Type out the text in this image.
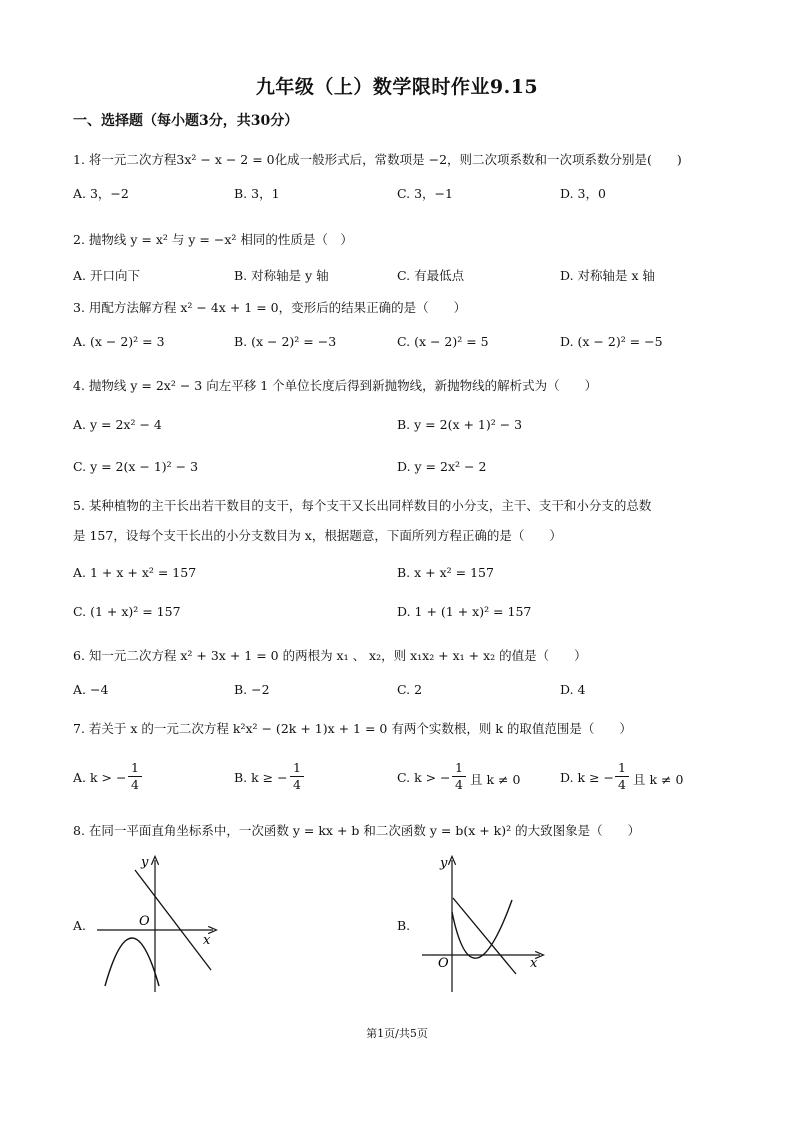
九年级（上）数学限时作业9.15
一、选择题（每小题3分，共30分）
1. 将一元二次方程3x² − x − 2 = 0化成一般形式后，常数项是 −2，则二次项系数和一次项系数分别是(　　)
A. 3，−2	B. 3，1	C. 3，−1	D. 3，0
2. 抛物线 y = x² 与 y = −x² 相同的性质是（　）
A. 开口向下	B. 对称轴是 y 轴	C. 有最低点	D. 对称轴是 x 轴
3. 用配方法解方程 x² − 4x + 1 = 0，变形后的结果正确的是（　　）
A. (x − 2)² = 3	B. (x − 2)² = −3	C. (x − 2)² = 5	D. (x − 2)² = −5
4. 抛物线 y = 2x² − 3 向左平移 1 个单位长度后得到新抛物线，新抛物线的解析式为（　　）
A. y = 2x² − 4	B. y = 2(x + 1)² − 3
C. y = 2(x − 1)² − 3	D. y = 2x² − 2
5. 某种植物的主干长出若干数目的支干，每个支干又长出同样数目的小分支，主干、支干和小分支的总数
是 157，设每个支干长出的小分支数目为 x，根据题意，下面所列方程正确的是（　　）
A. 1 + x + x² = 157	B. x + x² = 157
C. (1 + x)² = 157	D. 1 + (1 + x)² = 157
6. 知一元二次方程 x² + 3x + 1 = 0 的两根为 x₁ 、 x₂，则 x₁x₂ + x₁ + x₂ 的值是（　　）
A. −4	B. −2	C. 2	D. 4
7. 若关于 x 的一元二次方程 k²x² − (2k + 1)x + 1 = 0 有两个实数根，则 k 的取值范围是（　　）
A. k > − $\frac{1}{4}$	B. k ≥ − $\frac{1}{4}$	C. k > − $\frac{1}{4}$ 且 k ≠ 0	D. k ≥ − $\frac{1}{4}$ 且 k ≠ 0
8. 在同一平面直角坐标系中，一次函数 y = kx + b 和二次函数 y = b(x + k)² 的大致图象是（　　）
A.
y
x
O	B.
y
x
O
第1页/共5页
